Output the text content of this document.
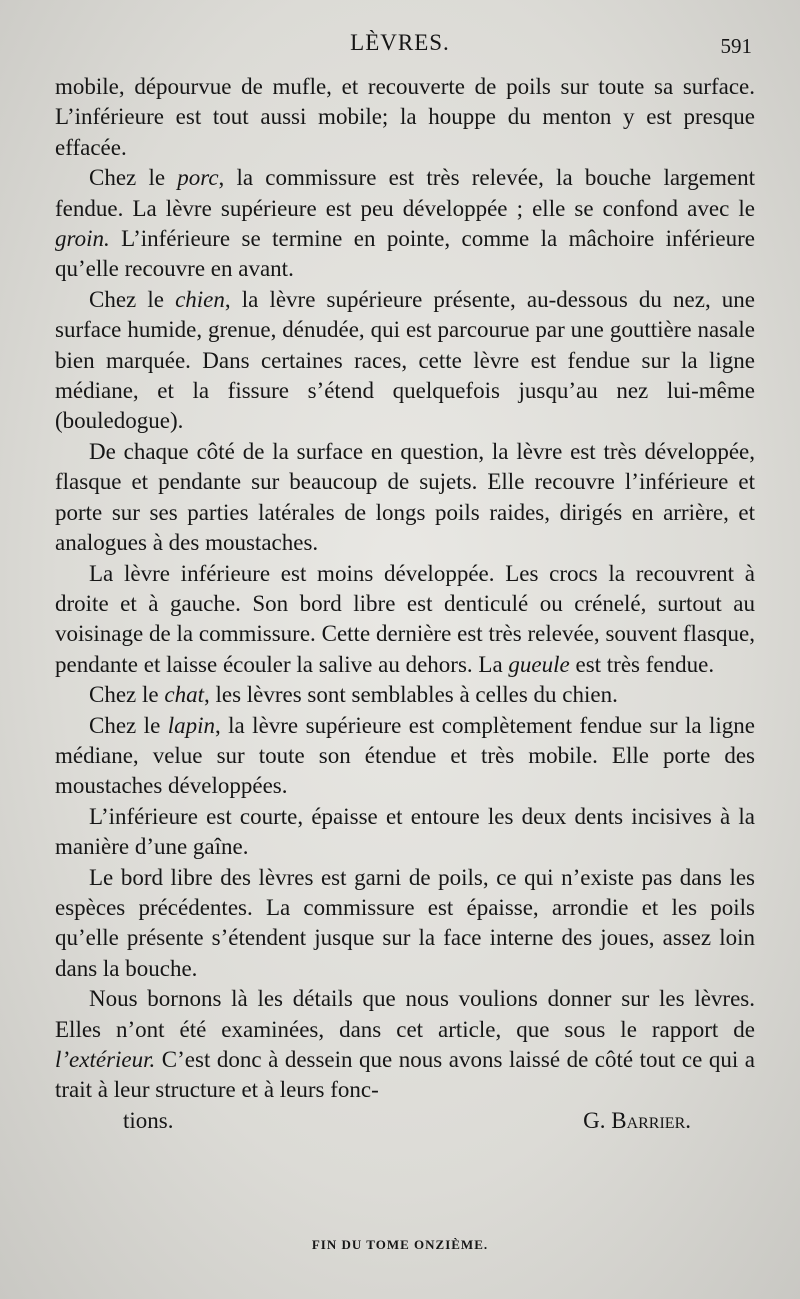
LÈVRES.	591

mobile, dépourvue de mufle, et recouverte de poils sur toute sa surface. L’inférieure est tout aussi mobile; la houppe du menton y est presque effacée.

Chez le porc, la commissure est très relevée, la bouche largement fendue. La lèvre supérieure est peu développée ; elle se confond avec le groin. L’inférieure se termine en pointe, comme la mâchoire inférieure qu’elle recouvre en avant.

Chez le chien, la lèvre supérieure présente, au-dessous du nez, une surface humide, grenue, dénudée, qui est parcourue par une gouttière nasale bien marquée. Dans certaines races, cette lèvre est fendue sur la ligne médiane, et la fissure s’étend quelquefois jusqu’au nez lui-même (bouledogue).

De chaque côté de la surface en question, la lèvre est très développée, flasque et pendante sur beaucoup de sujets. Elle recouvre l’inférieure et porte sur ses parties latérales de longs poils raides, dirigés en arrière, et analogues à des moustaches.

La lèvre inférieure est moins développée. Les crocs la recouvrent à droite et à gauche. Son bord libre est denticulé ou crénelé, surtout au voisinage de la commissure. Cette dernière est très relevée, souvent flasque, pendante et laisse écouler la salive au dehors. La gueule est très fendue.

Chez le chat, les lèvres sont semblables à celles du chien.

Chez le lapin, la lèvre supérieure est complètement fendue sur la ligne médiane, velue sur toute son étendue et très mobile. Elle porte des moustaches développées.

L’inférieure est courte, épaisse et entoure les deux dents incisives à la manière d’une gaîne.

Le bord libre des lèvres est garni de poils, ce qui n’existe pas dans les espèces précédentes. La commissure est épaisse, arrondie et les poils qu’elle présente s’étendent jusque sur la face interne des joues, assez loin dans la bouche.

Nous bornons là les détails que nous voulions donner sur les lèvres. Elles n’ont été examinées, dans cet article, que sous le rapport de l’extérieur. C’est donc à dessein que nous avons laissé de côté tout ce qui a trait à leur structure et à leurs fonc-

tions.	G. Barrier.

FIN DU TOME ONZIÈME.
